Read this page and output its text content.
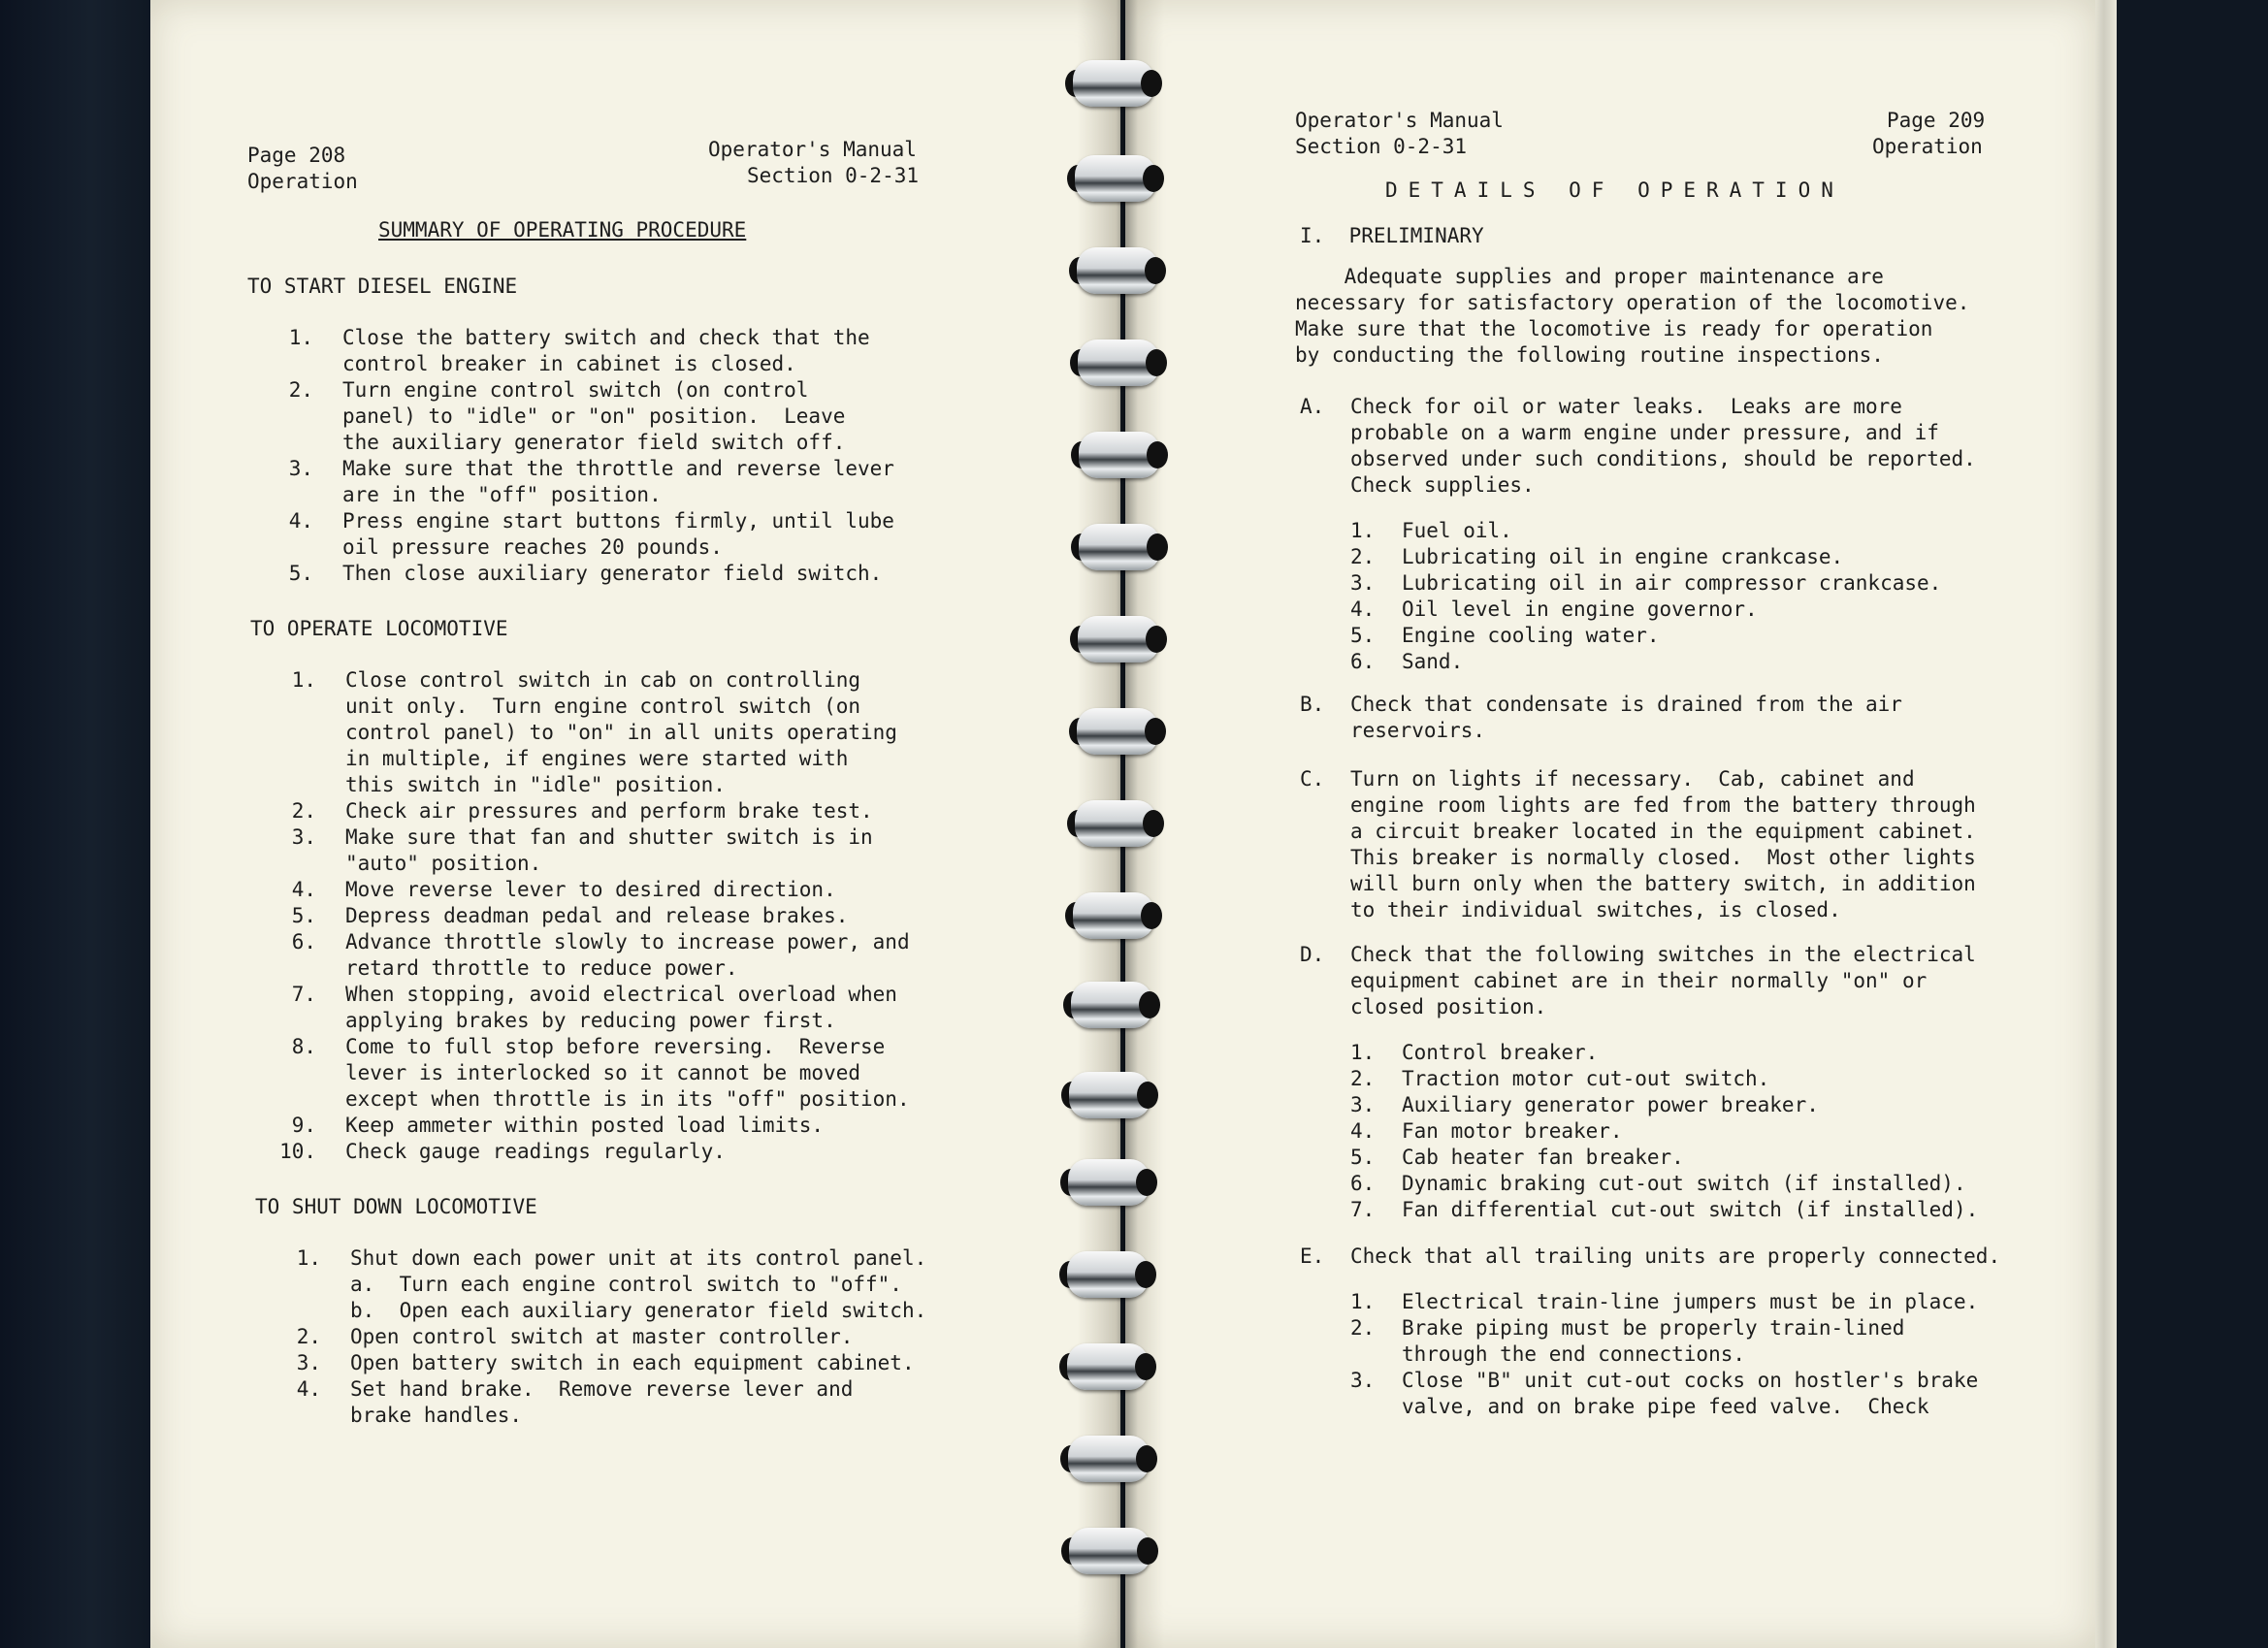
Page 208
Operation
Operator's Manual
Section 0-2-31
SUMMARY OF OPERATING PROCEDURE
TO START DIESEL ENGINE
1. Close the battery switch and check that the
control breaker in cabinet is closed.
2. Turn engine control switch (on control
panel) to "idle" or "on" position.  Leave
the auxiliary generator field switch off.
3. Make sure that the throttle and reverse lever
are in the "off" position.
4. Press engine start buttons firmly, until lube
oil pressure reaches 20 pounds.
5. Then close auxiliary generator field switch.
TO OPERATE LOCOMOTIVE
1. Close control switch in cab on controlling
unit only.  Turn engine control switch (on
control panel) to "on" in all units operating
in multiple, if engines were started with
this switch in "idle" position.
2. Check air pressures and perform brake test.
3. Make sure that fan and shutter switch is in
"auto" position.
4. Move reverse lever to desired direction.
5. Depress deadman pedal and release brakes.
6. Advance throttle slowly to increase power, and
retard throttle to reduce power.
7. When stopping, avoid electrical overload when
applying brakes by reducing power first.
8. Come to full stop before reversing.  Reverse
lever is interlocked so it cannot be moved
except when throttle is in its "off" position.
9. Keep ammeter within posted load limits.
10. Check gauge readings regularly.
TO SHUT DOWN LOCOMOTIVE
1. Shut down each power unit at its control panel.
a.  Turn each engine control switch to "off".
b.  Open each auxiliary generator field switch.
2. Open control switch at master controller.
3. Open battery switch in each equipment cabinet.
4. Set hand brake.  Remove reverse lever and
brake handles.
Operator's Manual
Section 0-2-31
Page 209
Operation
DETAILS OF OPERATION
I.  PRELIMINARY
Adequate supplies and proper maintenance are
necessary for satisfactory operation of the locomotive.
Make sure that the locomotive is ready for operation
by conducting the following routine inspections.
A. Check for oil or water leaks.  Leaks are more
probable on a warm engine under pressure, and if
observed under such conditions, should be reported.
Check supplies.
1. Fuel oil.
2. Lubricating oil in engine crankcase.
3. Lubricating oil in air compressor crankcase.
4. Oil level in engine governor.
5. Engine cooling water.
6. Sand.
B. Check that condensate is drained from the air
reservoirs.
C. Turn on lights if necessary.  Cab, cabinet and
engine room lights are fed from the battery through
a circuit breaker located in the equipment cabinet.
This breaker is normally closed.  Most other lights
will burn only when the battery switch, in addition
to their individual switches, is closed.
D. Check that the following switches in the electrical
equipment cabinet are in their normally "on" or
closed position.
1. Control breaker.
2. Traction motor cut-out switch.
3. Auxiliary generator power breaker.
4. Fan motor breaker.
5. Cab heater fan breaker.
6. Dynamic braking cut-out switch (if installed).
7. Fan differential cut-out switch (if installed).
E. Check that all trailing units are properly connected.
1. Electrical train-line jumpers must be in place.
2. Brake piping must be properly train-lined
through the end connections.
3. Close "B" unit cut-out cocks on hostler's brake
valve, and on brake pipe feed valve.  Check
